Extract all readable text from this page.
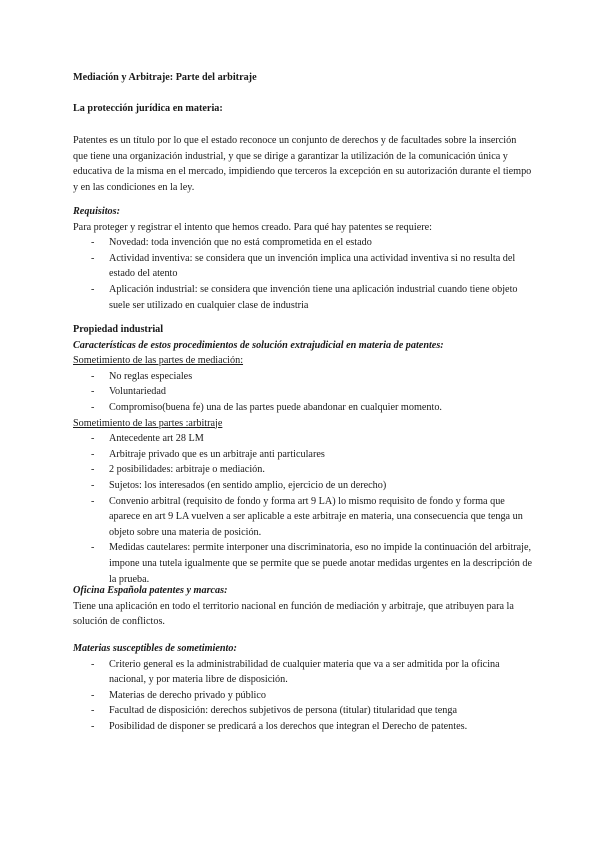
Mediación y Arbitraje: Parte del arbitraje

La protección jurídica en materia:

Patentes es un título por lo que el estado reconoce un conjunto de derechos y de facultades sobre la inserción que tiene una organización industrial, y que se dirige a garantizar la utilización de la comunicación única y educativa de la misma en el mercado, impidiendo que terceros la excepción en su autorización durante el tiempo y en las condiciones en la ley.

Requisitos:

Para proteger y registrar el intento que hemos creado. Para qué hay patentes se requiere:

- Novedad: toda invención que no está comprometida en el estado
- Actividad inventiva: se considera que un invención implica una actividad inventiva si no resulta del estado del atento
- Aplicación industrial: se considera que invención tiene una aplicación industrial cuando tiene objeto suele ser utilizado en cualquier clase de industria

Propiedad industrial

Características de estos procedimientos de solución extrajudicial en materia de patentes:

Sometimiento de las partes de mediación:

- No reglas especiales
- Voluntariedad
- Compromiso(buena fe) una de las partes puede abandonar en cualquier momento.

Sometimiento de las partes :arbitraje

- Antecedente art 28 LM
- Arbitraje privado que es un arbitraje anti particulares
- 2 posibilidades: arbitraje o mediación.
- Sujetos: los interesados (en sentido amplio, ejercicio de un derecho)
- Convenio arbitral (requisito de fondo y forma art 9 LA) lo mismo requisito de fondo y forma que aparece en art 9 LA vuelven a ser aplicable a este arbitraje en materia, una consecuencia que tenga un objeto sobre una materia de posición.
- Medidas cautelares: permite interponer una discriminatoria, eso no impide la continuación del arbitraje, impone una tutela igualmente que se permite que se puede anotar medidas urgentes en la descripción de la prueba.

Oficina Española patentes y marcas:

Tiene una aplicación en todo el territorio nacional en función de mediación y arbitraje, que atribuyen para la solución de conflictos.

Materias susceptibles de sometimiento:

- Criterio general es la administrabilidad de cualquier materia que va a ser admitida por la oficina nacional, y por materia libre de disposición.
- Materias de derecho privado y público
- Facultad de disposición: derechos subjetivos de persona (titular) titularidad que tenga
- Posibilidad de disponer se predicará a los derechos que integran el Derecho de patentes.
